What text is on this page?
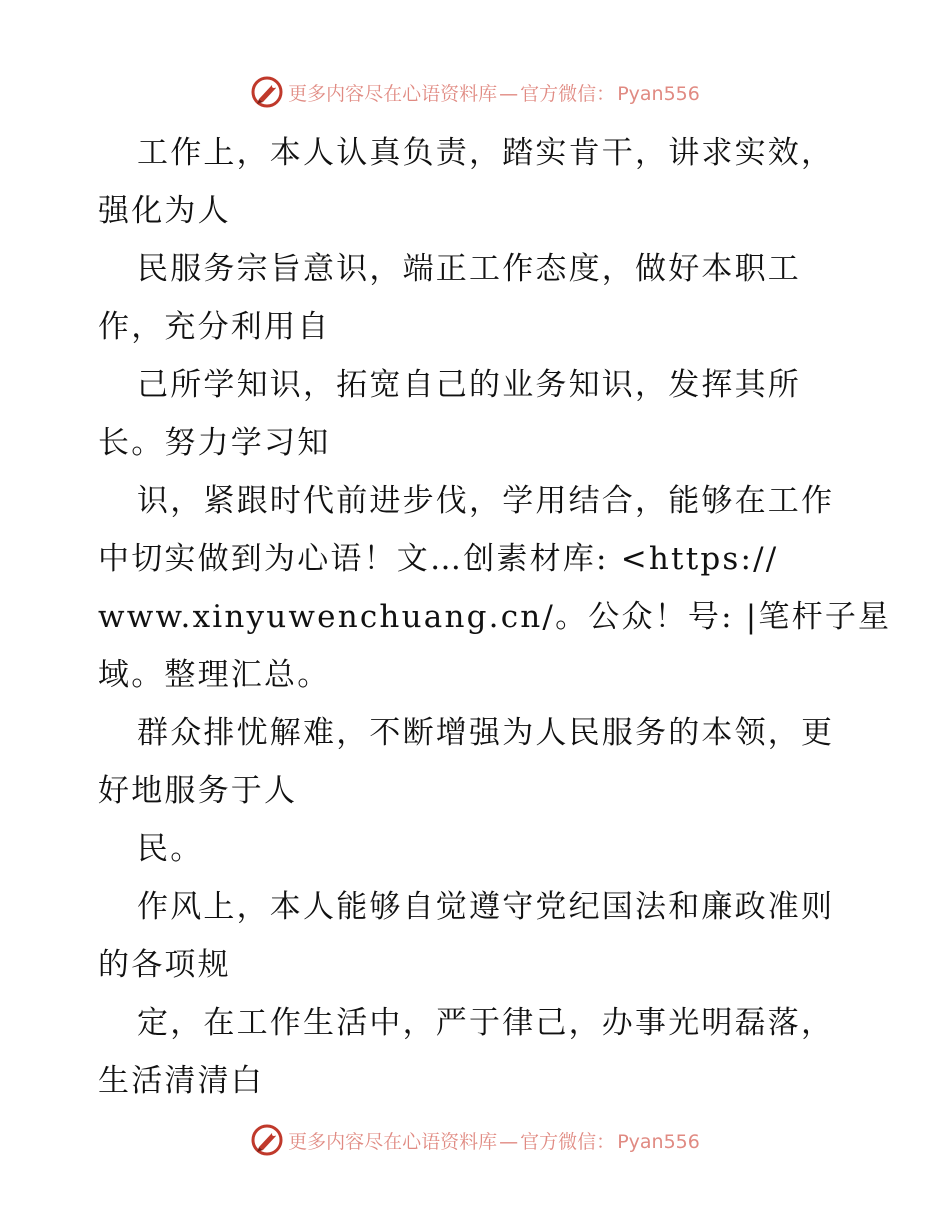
更多内容尽在心语资料库 — 官方微信： Pyan556
工作上，本人认真负责，踏实肯干，讲求实效，
强化为人
民服务宗旨意识，端正工作态度，做好本职工
作，充分利用自
己所学知识，拓宽自己的业务知识，发挥其所
长。努力学习知
识，紧跟时代前进步伐，学用结合，能够在工作
中切实做到为心语！文…创素材库: <https://
www.xinyuwenchuang.cn/。公众！号: |笔杆子星
域。整理汇总。
群众排忧解难，不断增强为人民服务的本领，更
好地服务于人
民。
作风上，本人能够自觉遵守党纪国法和廉政准则
的各项规
定，在工作生活中，严于律己，办事光明磊落，
生活清清白
更多内容尽在心语资料库 — 官方微信： Pyan556
